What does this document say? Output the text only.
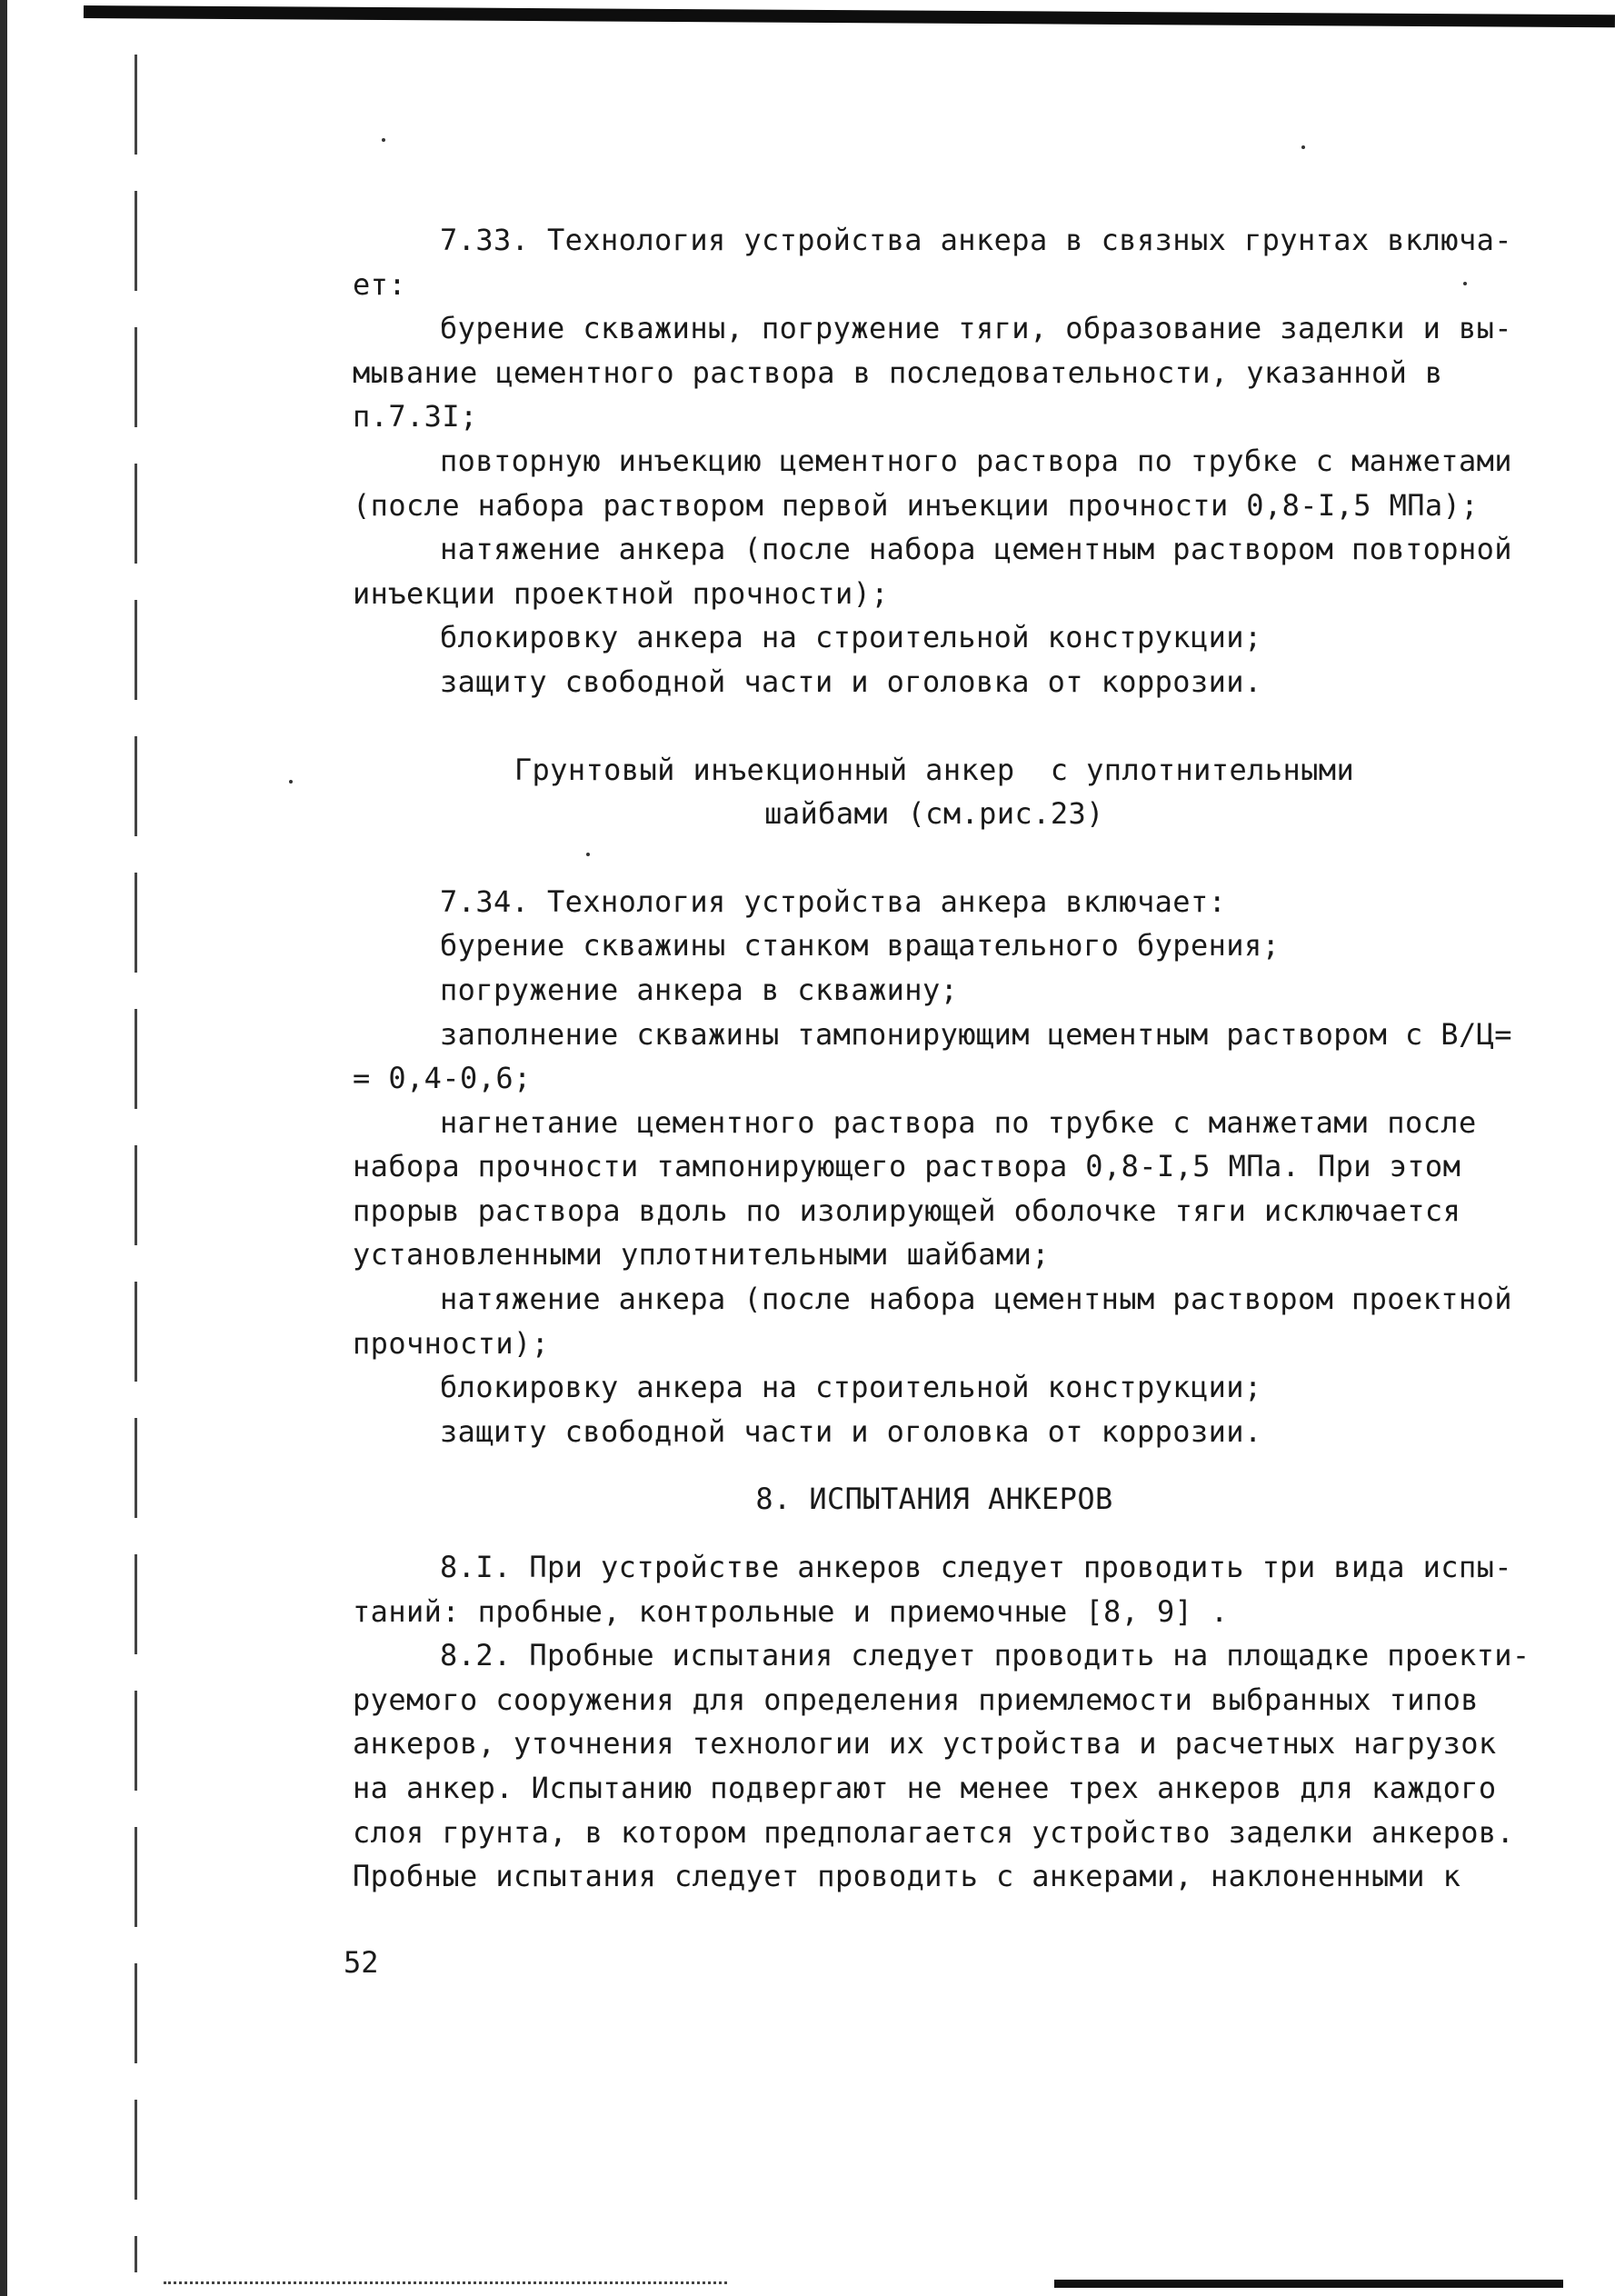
7.33. Технология устройства анкера в связных грунтах включа-
ет:
бурение скважины, погружение тяги, образование заделки и вы-
мывание цементного раствора в последовательности, указанной в
п.7.3I;
повторную инъекцию цементного раствора по трубке с манжетами
(после набора раствором первой инъекции прочности 0,8-I,5 МПа);
натяжение анкера (после набора цементным раствором повторной
инъекции проектной прочности);
блокировку анкера на строительной конструкции;
защиту свободной части и оголовка от коррозии.
Грунтовый инъекционный анкер  с уплотнительными
шайбами (см.рис.23)
7.34. Технология устройства анкера включает:
бурение скважины станком вращательного бурения;
погружение анкера в скважину;
заполнение скважины тампонирующим цементным раствором с В/Ц=
= 0,4-0,6;
нагнетание цементного раствора по трубке с манжетами после
набора прочности тампонирующего раствора 0,8-I,5 МПа. При этом
прорыв раствора вдоль по изолирующей оболочке тяги исключается
установленными уплотнительными шайбами;
натяжение анкера (после набора цементным раствором проектной
прочности);
блокировку анкера на строительной конструкции;
защиту свободной части и оголовка от коррозии.
8. ИСПЫТАНИЯ АНКЕРОВ
8.I. При устройстве анкеров следует проводить три вида испы-
таний: пробные, контрольные и приемочные [8, 9] .
8.2. Пробные испытания следует проводить на площадке проекти-
руемого сооружения для определения приемлемости выбранных типов
анкеров, уточнения технологии их устройства и расчетных нагрузок
на анкер. Испытанию подвергают не менее трех анкеров для каждого
слоя грунта, в котором предполагается устройство заделки анкеров.
Пробные испытания следует проводить с анкерами, наклоненными к
52
